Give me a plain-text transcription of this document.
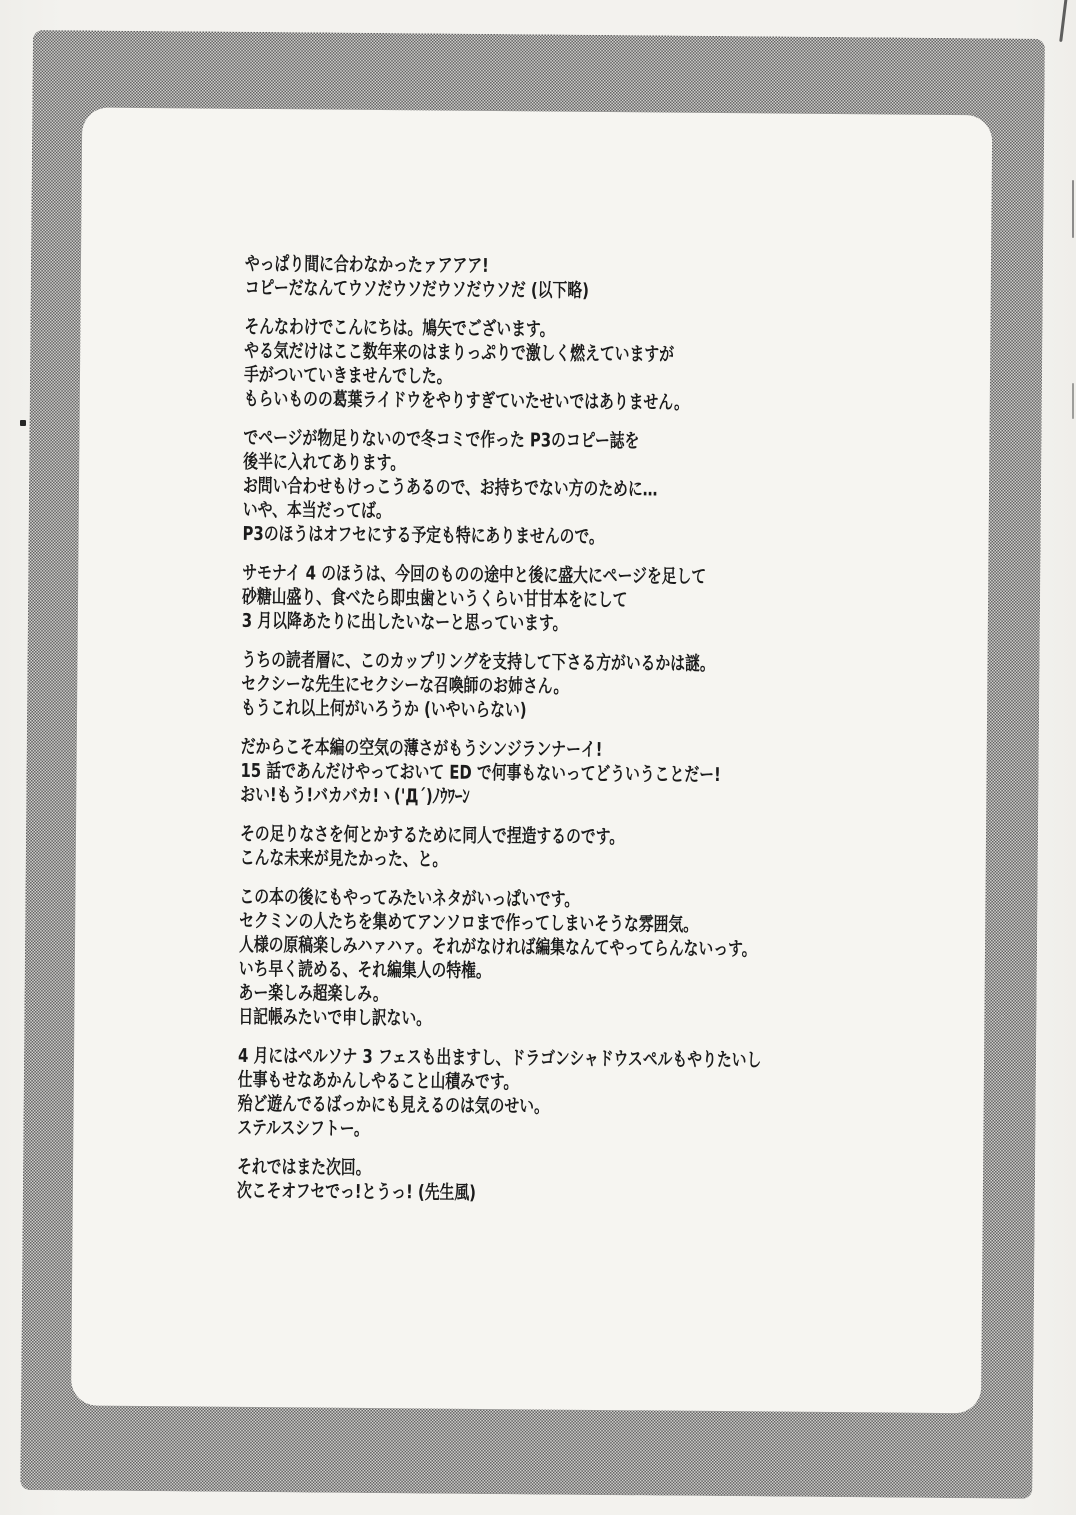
やっぱり間に合わなかったァアアア!
コピーだなんてウソだウソだウソだウソだ (以下略)
そんなわけでこんにちは。鳩矢でございます。
やる気だけはここ数年来のはまりっぷりで激しく燃えていますが
手がついていきませんでした。
もらいものの葛葉ライドウをやりすぎていたせいではありません。
でページが物足りないので冬コミで作った P3のコピー誌を
後半に入れてあります。
お問い合わせもけっこうあるので、お持ちでない方のために…
いや、本当だってば。
P3のほうはオフセにする予定も特にありませんので。
サモナイ 4 のほうは、今回のものの途中と後に盛大にページを足して
砂糖山盛り、食べたら即虫歯というくらい甘甘本をにして
3 月以降あたりに出したいなーと思っています。
うちの読者層に、このカップリングを支持して下さる方がいるかは謎。
セクシーな先生にセクシーな召喚師のお姉さん。
もうこれ以上何がいろうか (いやいらない)
だからこそ本編の空気の薄さがもうシンジランナーイ!
15 話であんだけやっておいて ED で何事もないってどういうことだー!
おい!もう!バカバカ!ヽ('Д´)ﾉｳﾜｰﾝ
その足りなさを何とかするために同人で捏造するのです。
こんな未来が見たかった、と。
この本の後にもやってみたいネタがいっぱいです。
セクミンの人たちを集めてアンソロまで作ってしまいそうな雰囲気。
人様の原稿楽しみハァハァ。それがなければ編集なんてやってらんないっす。
いち早く読める、それ編集人の特権。
あー楽しみ超楽しみ。
日記帳みたいで申し訳ない。
4 月にはペルソナ 3 フェスも出ますし、ドラゴンシャドウスペルもやりたいし
仕事もせなあかんしやること山積みです。
殆ど遊んでるばっかにも見えるのは気のせい。
ステルスシフトー。
それではまた次回。
次こそオフセでっ!とうっ! (先生風)
